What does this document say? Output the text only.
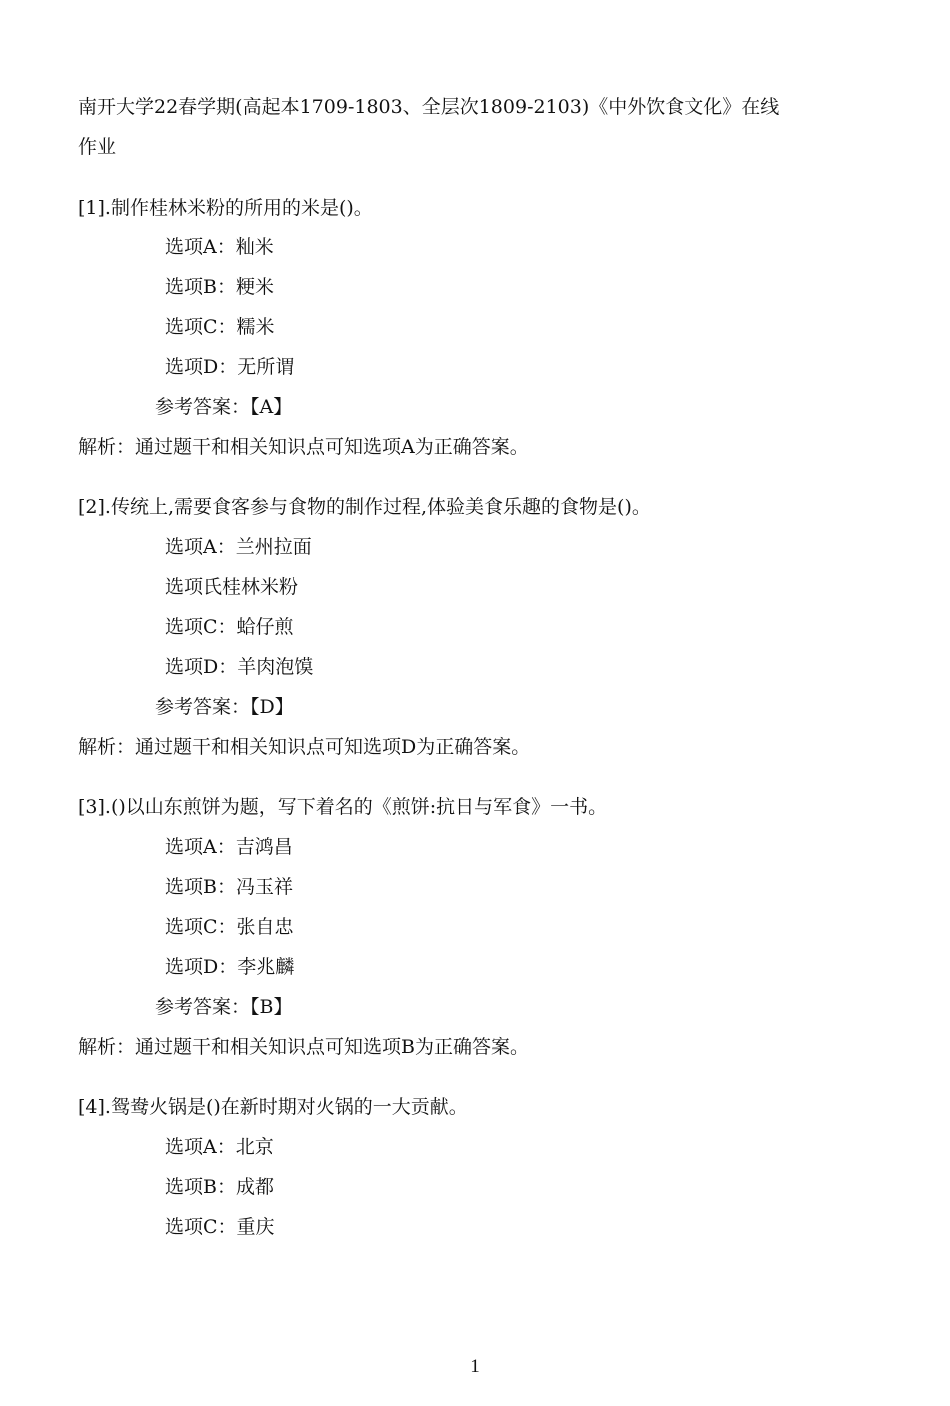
南开大学22春学期(高起本1709-1803、全层次1809-2103)《中外饮食文化》在线
作业
[1].制作桂林米粉的所用的米是()。
选项A：籼米
选项B：粳米
选项C：糯米
选项D：无所谓
参考答案：【A】
解析：通过题干和相关知识点可知选项A为正确答案。
[2].传统上,需要食客参与食物的制作过程,体验美食乐趣的食物是()。
选项A：兰州拉面
选项氏桂林米粉
选项C：蛤仔煎
选项D：羊肉泡馍
参考答案：【D】
解析：通过题干和相关知识点可知选项D为正确答案。
[3].()以山东煎饼为题，写下着名的《煎饼:抗日与军食》一书。
选项A：吉鸿昌
选项B：冯玉祥
选项C：张自忠
选项D：李兆麟
参考答案：【B】
解析：通过题干和相关知识点可知选项B为正确答案。
[4].鸳鸯火锅是()在新时期对火锅的一大贡献。
选项A：北京
选项B：成都
选项C：重庆
1
